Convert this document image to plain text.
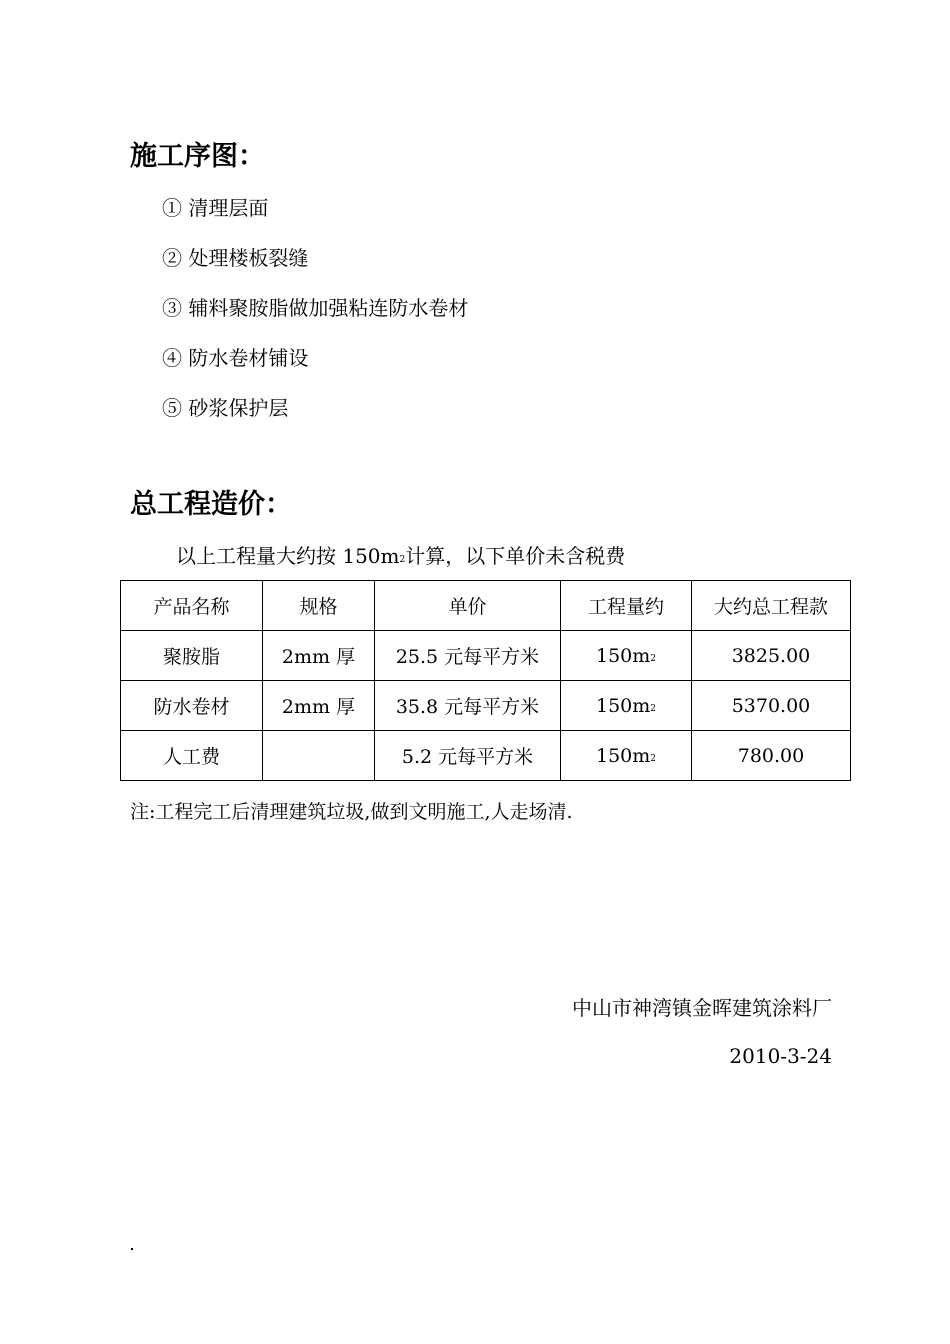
施工序图：
① 清理层面
② 处理楼板裂缝
③ 辅料聚胺脂做加强粘连防水卷材
④ 防水卷材铺设
⑤ 砂浆保护层
总工程造价：
以上工程量大约按 150m2计算，以下单价未含税费
产品名称	规格	单价	工程量约	大约总工程款
聚胺脂	2mm 厚	25.5 元每平方米	150m2	3825.00
防水卷材	2mm 厚	35.8 元每平方米	150m2	5370.00
人工费		5.2 元每平方米	150m2	780.00
注:工程完工后清理建筑垃圾,做到文明施工,人走场清.
中山市神湾镇金晖建筑涂料厂
2010-3-24
